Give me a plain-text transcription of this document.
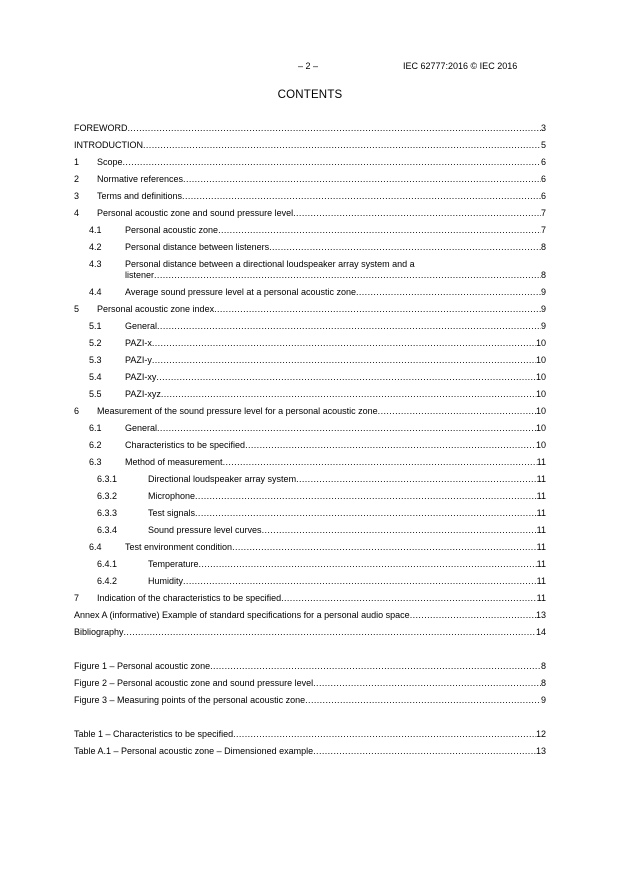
– 2 –	IEC 62777:2016 © IEC 2016
CONTENTS
FOREWORD .....	3
INTRODUCTION .....	5
1 Scope .....	6
2 Normative references .....	6
3 Terms and definitions .....	6
4 Personal acoustic zone and sound pressure level .....	7
4.1	Personal acoustic zone .....	7
4.2	Personal distance between listeners .....	8
4.3	Personal distance between a directional loudspeaker array system and a
listener .....	8
4.4	Average sound pressure level at a personal acoustic zone .....	9
5 Personal acoustic zone index .....	9
5.1	General .....	9
5.2	PAZI-x .....	10
5.3	PAZI-y .....	10
5.4	PAZI-xy .....	10
5.5	PAZI-xyz .....	10
6 Measurement of the sound pressure level for a personal acoustic zone .....	10
6.1	General .....	10
6.2	Characteristics to be specified .....	10
6.3	Method of measurement .....	11
6.3.1	Directional loudspeaker array system .....	11
6.3.2	Microphone .....	11
6.3.3	Test signals .....	11
6.3.4	Sound pressure level curves .....	11
6.4	Test environment condition .....	11
6.4.1	Temperature .....	11
6.4.2	Humidity .....	11
7 Indication of the characteristics to be specified .....	11
Annex A (informative) Example of standard specifications for a personal audio space .....	13
Bibliography .....	14
Figure 1 – Personal acoustic zone .....	8
Figure 2 – Personal acoustic zone and sound pressure level .....	8
Figure 3 – Measuring points of the personal acoustic zone .....	9
Table 1 – Characteristics to be specified .....	12
Table A.1 – Personal acoustic zone – Dimensioned example .....	13
